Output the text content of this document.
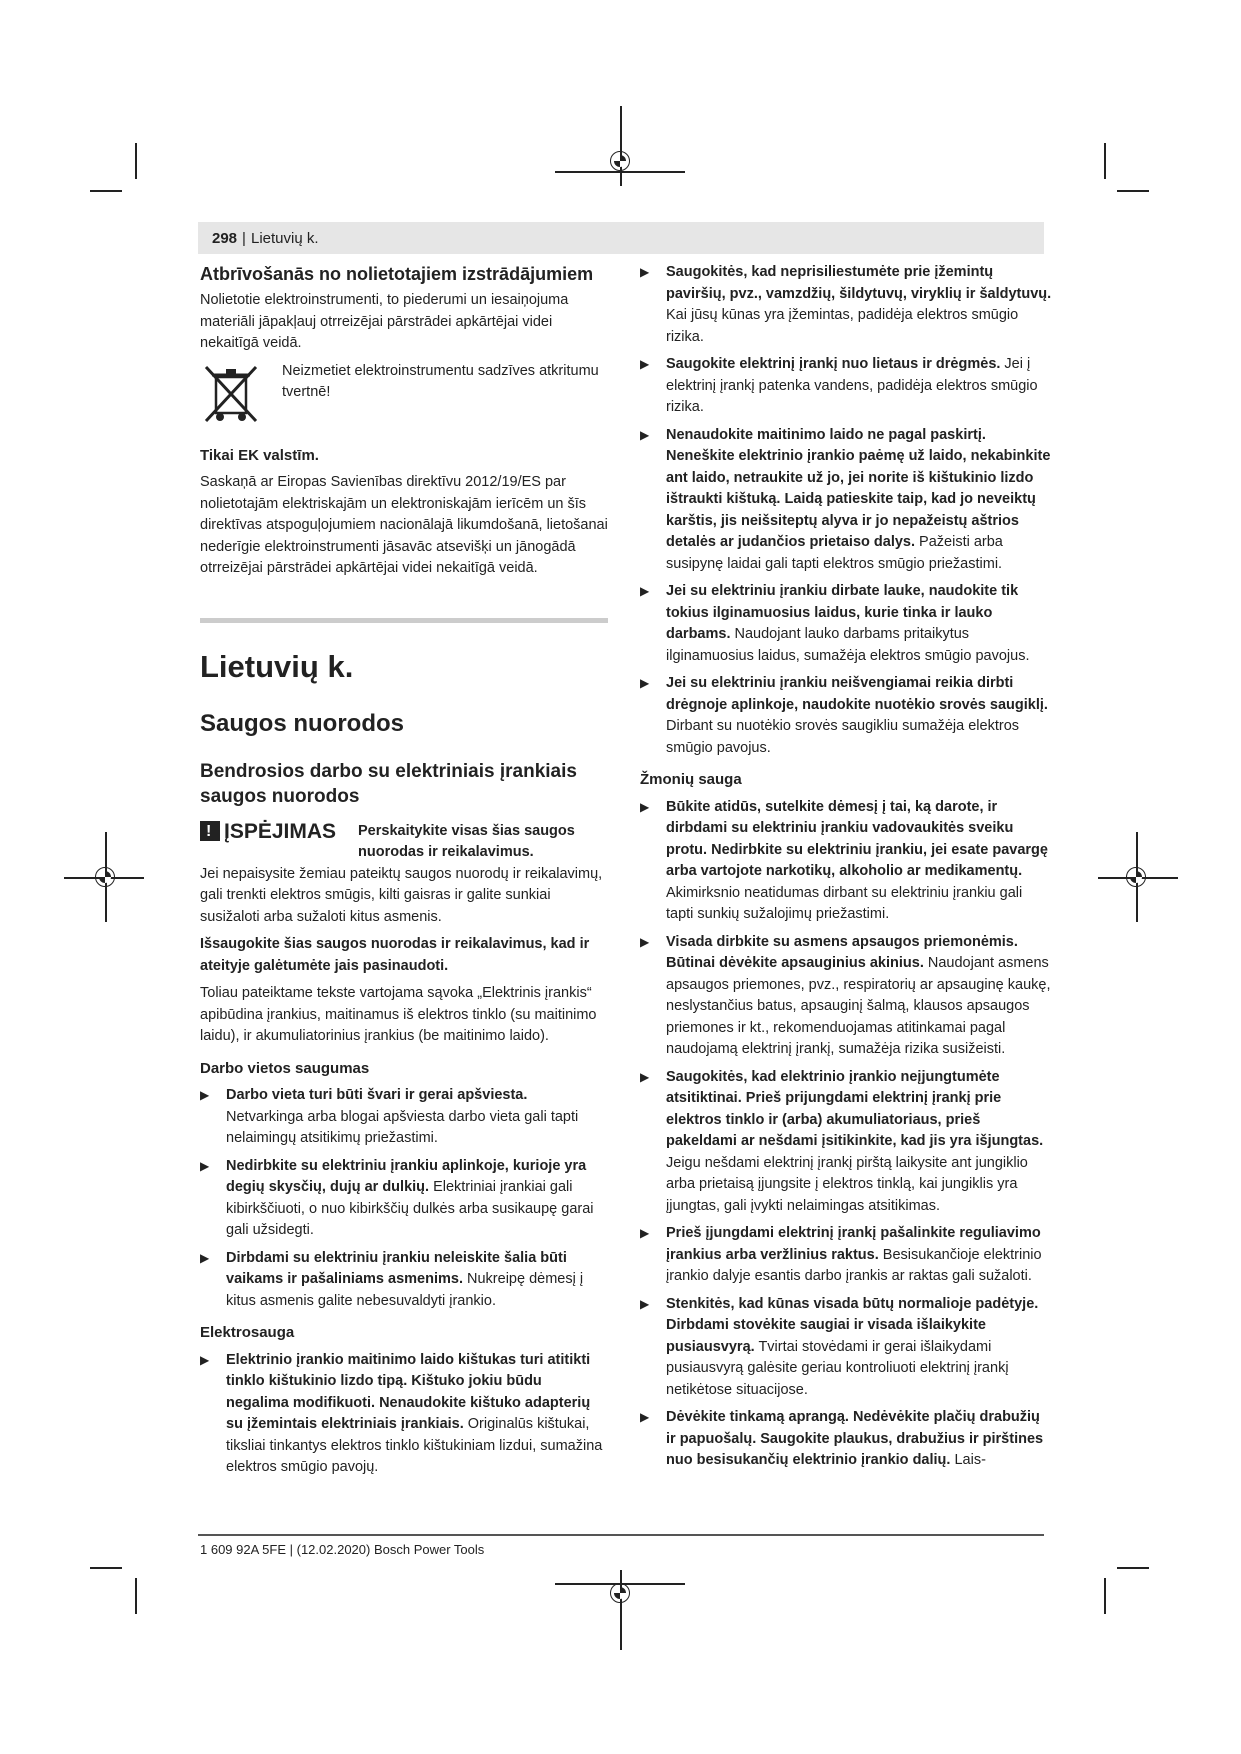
298 | Lietuvių k.
Atbrīvošanās no nolietotajiem izstrādājumiem

Nolietotie elektroinstrumenti, to piederumi un iesaiņojuma materiāli jāpakļauj otrreizējai pārstrādei apkārtējai videi nekaitīgā veidā.

Neizmetiet elektroinstrumentu sadzīves atkritumu tvertnē!
Tikai EK valstīm.

Saskaņā ar Eiropas Savienības direktīvu 2012/19/ES par nolietotajām elektriskajām un elektroniskajām ierīcēm un šīs direktīvas atspoguļojumiem nacionālajā likumdošanā, lietošanai nederīgie elektroinstrumenti jāsavāc atsevišķi un jānogādā otrreizējai pārstrādei apkārtējai videi nekaitīgā veidā.

Lietuvių k.
Saugos nuorodos
Bendrosios darbo su elektriniais įrankiais saugos nuorodos
!
ĮSPĖJIMAS Perskaitykite visas šias saugos nuorodas ir reikalavimus.

Jei nepaisysite žemiau pateiktų saugos nuorodų ir reikalavimų, gali trenkti elektros smūgis, kilti gaisras ir galite sunkiai susižaloti arba sužaloti kitus asmenis.

Išsaugokite šias saugos nuorodas ir reikalavimus, kad ir ateityje galėtumėte jais pasinaudoti.

Toliau pateiktame tekste vartojama sąvoka „Elektrinis įrankis“ apibūdina įrankius, maitinamus iš elektros tinklo (su maitinimo laidu), ir akumuliatorinius įrankius (be maitinimo laido).

Darbo vietos saugumas
▶ Darbo vieta turi būti švari ir gerai apšviesta. Netvarkinga arba blogai apšviesta darbo vieta gali tapti nelaimingų atsitikimų priežastimi.
▶ Nedirbkite su elektriniu įrankiu aplinkoje, kurioje yra degių skysčių, dujų ar dulkių. Elektriniai įrankiai gali kibirkščiuoti, o nuo kibirkščių dulkės arba susikaupę garai gali užsidegti.
▶ Dirbdami su elektriniu įrankiu neleiskite šalia būti vaikams ir pašaliniams asmenims. Nukreipę dėmesį į kitus asmenis galite nebesuvaldyti įrankio.
Elektrosauga
▶ Elektrinio įrankio maitinimo laido kištukas turi atitikti tinklo kištukinio lizdo tipą. Kištuko jokiu būdu negalima modifikuoti. Nenaudokite kištuko adapterių su įžemintais elektriniais įrankiais. Originalūs kištukai, tiksliai tinkantys elektros tinklo kištukiniam lizdui, sumažina elektros smūgio pavojų.
▶ Saugokitės, kad neprisiliestumėte prie įžemintų paviršių, pvz., vamzdžių, šildytuvų, viryklių ir šaldytuvų. Kai jūsų kūnas yra įžemintas, padidėja elektros smūgio rizika.
▶ Saugokite elektrinį įrankį nuo lietaus ir drėgmės. Jei į elektrinį įrankį patenka vandens, padidėja elektros smūgio rizika.
▶ Nenaudokite maitinimo laido ne pagal paskirtį. Neneškite elektrinio įrankio paėmę už laido, nekabinkite ant laido, netraukite už jo, jei norite iš kištukinio lizdo ištraukti kištuką. Laidą patieskite taip, kad jo neveiktų karštis, jis neišsiteptų alyva ir jo nepažeistų aštrios detalės ar judančios prietaiso dalys. Pažeisti arba susipynę laidai gali tapti elektros smūgio priežastimi.
▶ Jei su elektriniu įrankiu dirbate lauke, naudokite tik tokius ilginamuosius laidus, kurie tinka ir lauko darbams. Naudojant lauko darbams pritaikytus ilginamuosius laidus, sumažėja elektros smūgio pavojus.
▶ Jei su elektriniu įrankiu neišvengiamai reikia dirbti drėgnoje aplinkoje, naudokite nuotėkio srovės saugiklį. Dirbant su nuotėkio srovės saugikliu sumažėja elektros smūgio pavojus.
Žmonių sauga
▶ Būkite atidūs, sutelkite dėmesį į tai, ką darote, ir dirbdami su elektriniu įrankiu vadovaukitės sveiku protu. Nedirbkite su elektriniu įrankiu, jei esate pavargę arba vartojote narkotikų, alkoholio ar medikamentų. Akimirksnio neatidumas dirbant su elektriniu įrankiu gali tapti sunkių sužalojimų priežastimi.
▶ Visada dirbkite su asmens apsaugos priemonėmis. Būtinai dėvėkite apsauginius akinius. Naudojant asmens apsaugos priemones, pvz., respiratorių ar apsauginę kaukę, neslystančius batus, apsauginį šalmą, klausos apsaugos priemones ir kt., rekomenduojamas atitinkamai pagal naudojamą elektrinį įrankį, sumažėja rizika susižeisti.
▶ Saugokitės, kad elektrinio įrankio neįjungtumėte atsitiktinai. Prieš prijungdami elektrinį įrankį prie elektros tinklo ir (arba) akumuliatoriaus, prieš pakeldami ar nešdami įsitikinkite, kad jis yra išjungtas. Jeigu nešdami elektrinį įrankį pirštą laikysite ant jungiklio arba prietaisą įjungsite į elektros tinklą, kai jungiklis yra įjungtas, gali įvykti nelaimingas atsitikimas.
▶ Prieš įjungdami elektrinį įrankį pašalinkite reguliavimo įrankius arba veržlinius raktus. Besisukančioje elektrinio įrankio dalyje esantis darbo įrankis ar raktas gali sužaloti.
▶ Stenkitės, kad kūnas visada būtų normalioje padėtyje. Dirbdami stovėkite saugiai ir visada išlaikykite pusiausvyrą. Tvirtai stovėdami ir gerai išlaikydami pusiausvyrą galėsite geriau kontroliuoti elektrinį įrankį netikėtose situacijose.
▶ Dėvėkite tinkamą aprangą. Nedėvėkite plačių drabužių ir papuošalų. Saugokite plaukus, drabužius ir pirštines nuo besisukančių elektrinio įrankio dalių. Lais-
1 609 92A 5FE | (12.02.2020) Bosch Power Tools
